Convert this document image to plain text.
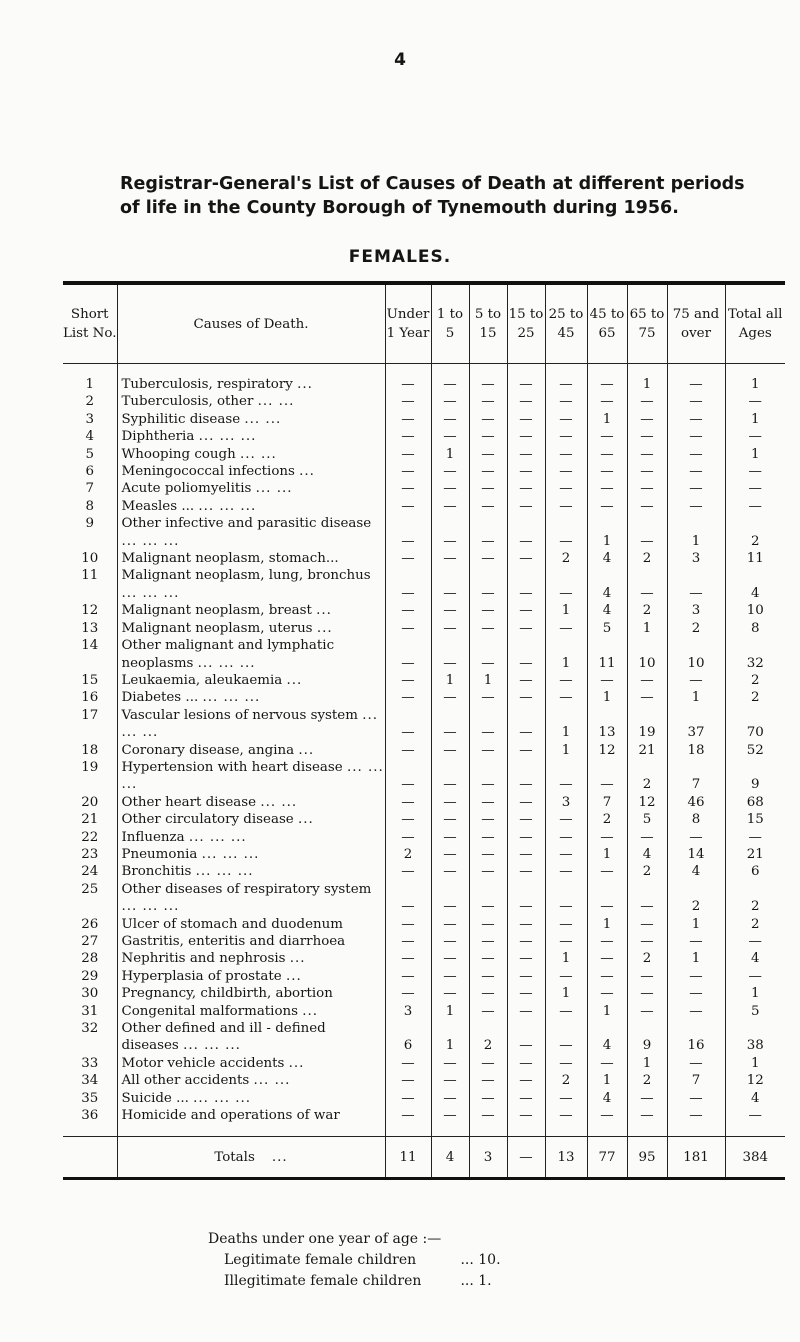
4
Registrar-General's List of Causes of Death at different periods
of life in the County Borough of Tynemouth during 1956.
FEMALES.
Short List No.	Causes of Death.	Under 1 Year	1 to 5	5 to 15	15 to 25	25 to 45	45 to 65	65 to 75	75 and over	Total all Ages

1	Tuberculosis, respiratory ...	—	—	—	—	—	—	1	—	1
2	Tuberculosis, other ... ...	—	—	—	—	—	—	—	—	—
3	Syphilitic disease ... ...	—	—	—	—	—	1	—	—	1
4	Diphtheria ... ... ...	—	—	—	—	—	—	—	—	—
5	Whooping cough ... ...	—	1	—	—	—	—	—	—	1
6	Meningococcal infections ...	—	—	—	—	—	—	—	—	—
7	Acute poliomyelitis ... ...	—	—	—	—	—	—	—	—	—
8	Measles ... ... ... ...	—	—	—	—	—	—	—	—	—
9	Other infective and parasitic disease ... ... ...	—	—	—	—	—	1	—	1	2
10	Malignant neoplasm, stomach...	—	—	—	—	2	4	2	3	11
11	Malignant neoplasm, lung, bronchus ... ... ...	—	—	—	—	—	4	—	—	4
12	Malignant neoplasm, breast ...	—	—	—	—	1	4	2	3	10
13	Malignant neoplasm, uterus ...	—	—	—	—	—	5	1	2	8
14	Other malignant and lymphatic neoplasms ... ... ...	—	—	—	—	1	11	10	10	32
15	Leukaemia, aleukaemia ...	—	1	1	—	—	—	—	—	2
16	Diabetes ... ... ... ...	—	—	—	—	—	1	—	1	2
17	Vascular lesions of nervous system ... ... ...	—	—	—	—	1	13	19	37	70
18	Coronary disease, angina ...	—	—	—	—	1	12	21	18	52
19	Hypertension with heart disease ... ... ...	—	—	—	—	—	—	2	7	9
20	Other heart disease ... ...	—	—	—	—	3	7	12	46	68
21	Other circulatory disease ...	—	—	—	—	—	2	5	8	15
22	Influenza ... ... ...	—	—	—	—	—	—	—	—	—
23	Pneumonia ... ... ...	2	—	—	—	—	1	4	14	21
24	Bronchitis ... ... ...	—	—	—	—	—	—	2	4	6
25	Other diseases of respiratory system ... ... ...	—	—	—	—	—	—	—	2	2
26	Ulcer of stomach and duodenum	—	—	—	—	—	1	—	1	2
27	Gastritis, enteritis and diarrhoea	—	—	—	—	—	—	—	—	—
28	Nephritis and nephrosis ...	—	—	—	—	1	—	2	1	4
29	Hyperplasia of prostate ...	—	—	—	—	—	—	—	—	—
30	Pregnancy, childbirth, abortion	—	—	—	—	1	—	—	—	1
31	Congenital malformations ...	3	1	—	—	—	1	—	—	5
32	Other defined and ill - defined diseases ... ... ...	6	1	2	—	—	4	9	16	38
33	Motor vehicle accidents ...	—	—	—	—	—	—	1	—	1
34	All other accidents ... ...	—	—	—	—	2	1	2	7	12
35	Suicide ... ... ... ...	—	—	—	—	—	4	—	—	4
36	Homicide and operations of war	—	—	—	—	—	—	—	—	—

	Totals ...	11	4	3	—	13	77	95	181	384
Deaths under one year of age :—
Legitimate female children	... 10.
Illegitimate female children	... 1.
